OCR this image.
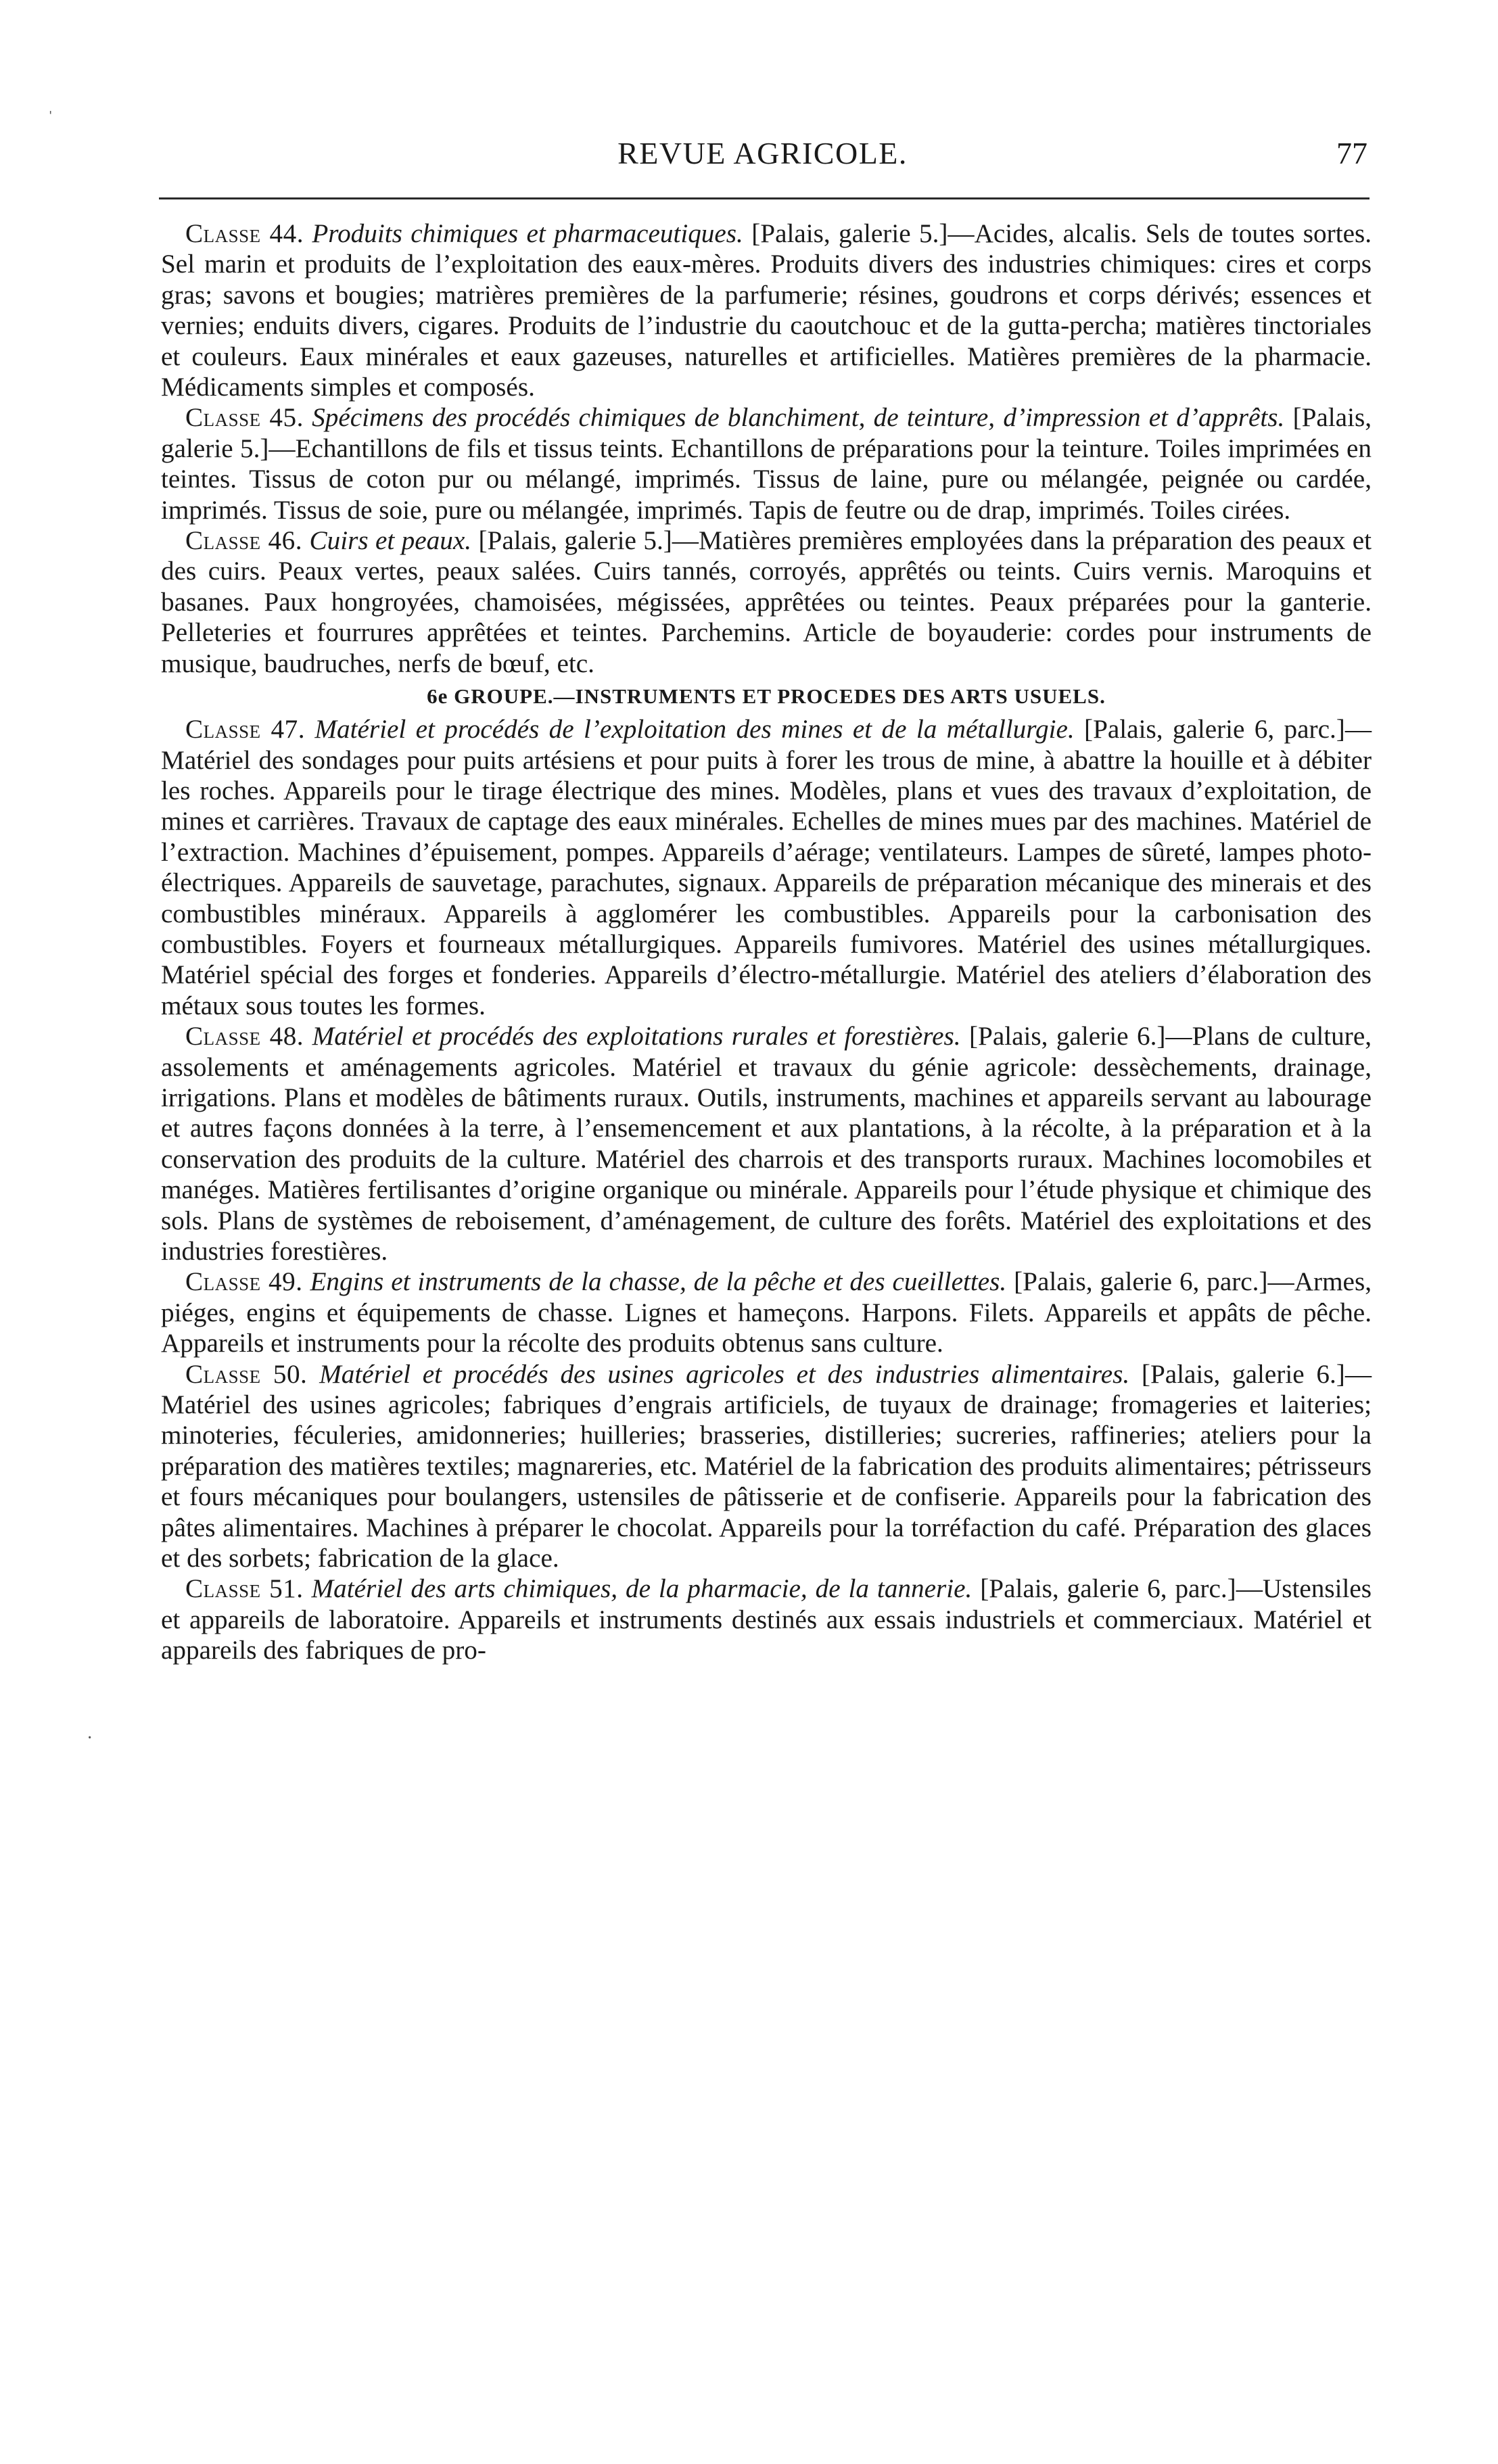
REVUE AGRICOLE.	77

Classe 44. Produits chimiques et pharmaceutiques. [Palais, galerie 5.]—Acides, alcalis. Sels de toutes sortes. Sel marin et produits de l’exploitation des eaux-mères. Produits divers des industries chimiques: cires et corps gras; savons et bougies; matrières premières de la parfumerie; résines, goudrons et corps dérivés; essences et vernies; enduits divers, cigares. Produits de l’industrie du caoutchouc et de la gutta-percha; matières tinctoriales et couleurs. Eaux minérales et eaux gazeuses, naturelles et artificielles. Matières premières de la pharmacie. Médicaments simples et composés.

Classe 45. Spécimens des procédés chimiques de blanchiment, de teinture, d’impression et d’apprêts. [Palais, galerie 5.]—Echantillons de fils et tissus teints. Echantillons de préparations pour la teinture. Toiles imprimées en teintes. Tissus de coton pur ou mélangé, imprimés. Tissus de laine, pure ou mélangée, peignée ou cardée, imprimés. Tissus de soie, pure ou mélangée, imprimés. Tapis de feutre ou de drap, imprimés. Toiles cirées.

Classe 46. Cuirs et peaux. [Palais, galerie 5.]—Matières premières employées dans la préparation des peaux et des cuirs. Peaux vertes, peaux salées. Cuirs tannés, corroyés, apprêtés ou teints. Cuirs vernis. Maroquins et basanes. Paux hongroyées, chamoisées, mégissées, apprêtées ou teintes. Peaux préparées pour la ganterie. Pelleteries et fourrures apprêtées et teintes. Parchemins. Article de boyauderie: cordes pour instruments de musique, baudruches, nerfs de bœuf, etc.

6e GROUPE.—INSTRUMENTS ET PROCEDES DES ARTS USUELS.

Classe 47. Matériel et procédés de l’exploitation des mines et de la métallurgie. [Palais, galerie 6, parc.]—Matériel des sondages pour puits artésiens et pour puits à forer les trous de mine, à abattre la houille et à débiter les roches. Appareils pour le tirage électrique des mines. Modèles, plans et vues des travaux d’exploitation, de mines et carrières. Travaux de captage des eaux minérales. Echelles de mines mues par des machines. Matériel de l’extraction. Machines d’épuisement, pompes. Appareils d’aérage; ventilateurs. Lampes de sûreté, lampes photo-électriques. Appareils de sauvetage, parachutes, signaux. Appareils de préparation mécanique des minerais et des combustibles minéraux. Appareils à agglomérer les combustibles. Appareils pour la carbonisation des combustibles. Foyers et fourneaux métallurgiques. Appareils fumivores. Matériel des usines métallurgiques. Matériel spécial des forges et fonderies. Appareils d’électro-métallurgie. Matériel des ateliers d’élaboration des métaux sous toutes les formes.

Classe 48. Matériel et procédés des exploitations rurales et forestières. [Palais, galerie 6.]—Plans de culture, assolements et aménagements agricoles. Matériel et travaux du génie agricole: dessèchements, drainage, irrigations. Plans et modèles de bâtiments ruraux. Outils, instruments, machines et appareils servant au labourage et autres façons données à la terre, à l’ensemencement et aux plantations, à la récolte, à la préparation et à la conservation des produits de la culture. Matériel des charrois et des transports ruraux. Machines locomobiles et manéges. Matières fertilisantes d’origine organique ou minérale. Appareils pour l’étude physique et chimique des sols. Plans de systèmes de reboisement, d’aménagement, de culture des forêts. Matériel des exploitations et des industries forestières.

Classe 49. Engins et instruments de la chasse, de la pêche et des cueillettes. [Palais, galerie 6, parc.]—Armes, piéges, engins et équipements de chasse. Lignes et hameçons. Harpons. Filets. Appareils et appâts de pêche. Appareils et instruments pour la récolte des produits obtenus sans culture.

Classe 50. Matériel et procédés des usines agricoles et des industries alimentaires. [Palais, galerie 6.]—Matériel des usines agricoles; fabriques d’engrais artificiels, de tuyaux de drainage; fromageries et laiteries; minoteries, féculeries, amidonneries; huilleries; brasseries, distilleries; sucreries, raffineries; ateliers pour la préparation des matières textiles; magnareries, etc. Matériel de la fabrication des produits alimentaires; pétrisseurs et fours mécaniques pour boulangers, ustensiles de pâtisserie et de confiserie. Appareils pour la fabrication des pâtes alimentaires. Machines à préparer le chocolat. Appareils pour la torréfaction du café. Préparation des glaces et des sorbets; fabrication de la glace.

Classe 51. Matériel des arts chimiques, de la pharmacie, de la tannerie. [Palais, galerie 6, parc.]—Ustensiles et appareils de laboratoire. Appareils et instruments destinés aux essais industriels et commerciaux. Matériel et appareils des fabriques de pro-

ˈ
·
